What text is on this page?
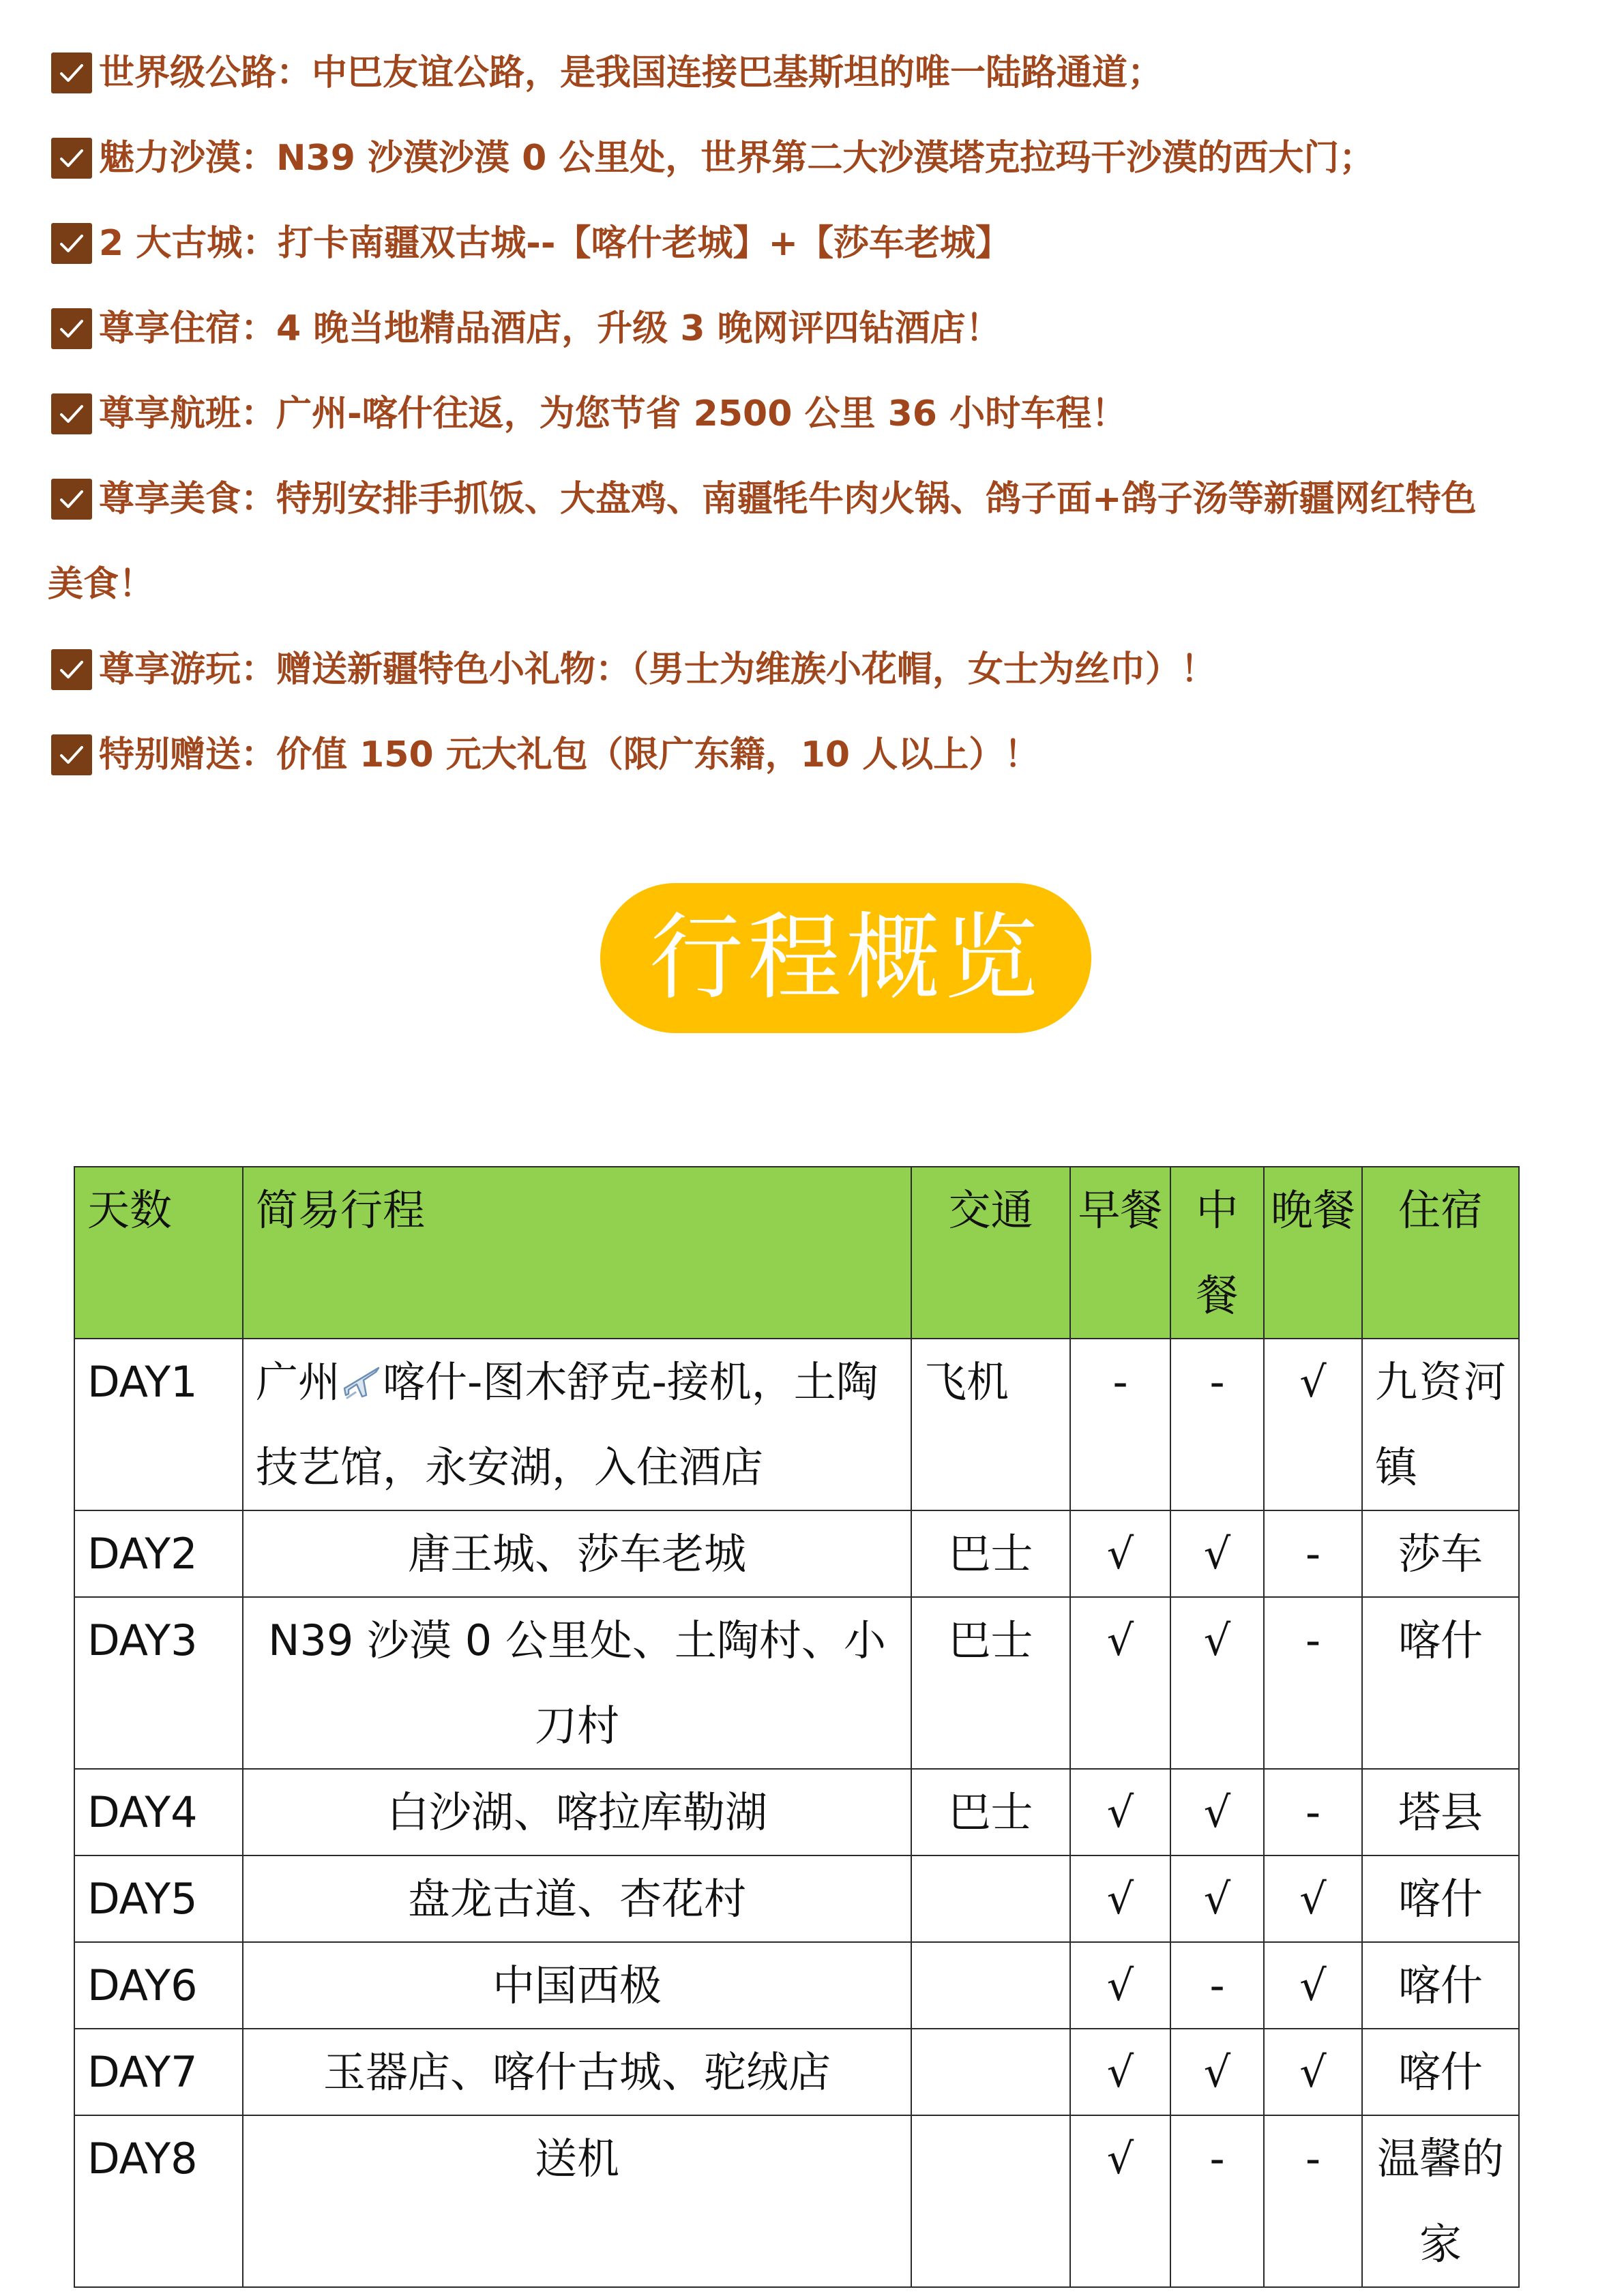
世界级公路：中巴友谊公路，是我国连接巴基斯坦的唯一陆路通道；
魅力沙漠：N39 沙漠沙漠 0 公里处，世界第二大沙漠塔克拉玛干沙漠的西大门；
2 大古城：打卡南疆双古城--【喀什老城】+【莎车老城】
尊享住宿：4 晚当地精品酒店，升级 3 晚网评四钻酒店！
尊享航班：广州-喀什往返，为您节省 2500 公里 36 小时车程！
尊享美食：特别安排手抓饭、大盘鸡、南疆牦牛肉火锅、鸽子面+鸽子汤等新疆网红特色
美食！
尊享游玩：赠送新疆特色小礼物：（男士为维族小花帽，女士为丝巾）！
特别赠送：价值 150 元大礼包（限广东籍，10 人以上）！
行程概览
天数	简易行程	交通	早餐	中餐	晚餐	住宿
DAY1	广州 喀什-图木舒克-接机，土陶技艺馆，永安湖，入住酒店	飞机	-	-	√	九资河镇
DAY2	唐王城、莎车老城	巴士	√	√	-	莎车
DAY3	N39 沙漠 0 公里处、土陶村、小刀村	巴士	√	√	-	喀什
DAY4	白沙湖、喀拉库勒湖	巴士	√	√	-	塔县
DAY5	盘龙古道、杏花村		√	√	√	喀什
DAY6	中国西极		√	-	√	喀什
DAY7	玉器店、喀什古城、驼绒店		√	√	√	喀什
DAY8	送机		√	-	-	温馨的家
